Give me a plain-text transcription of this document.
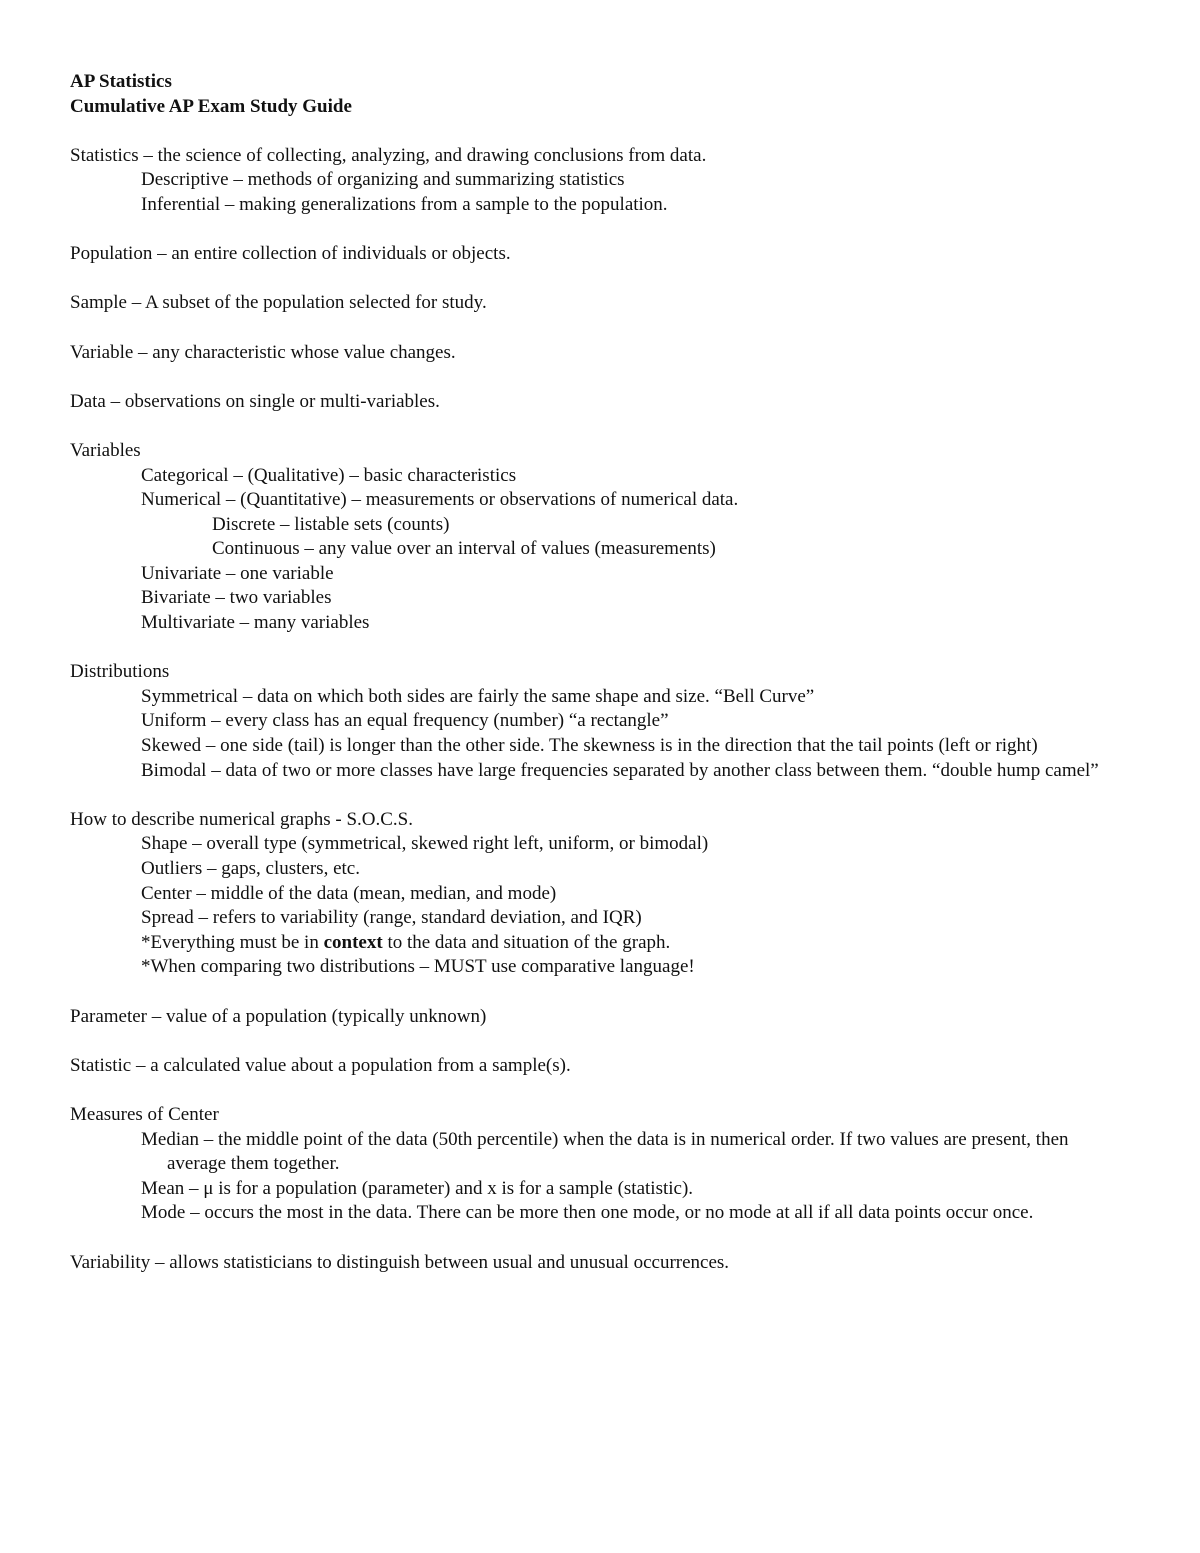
AP Statistics
Cumulative AP Exam Study Guide
Statistics – the science of collecting, analyzing, and drawing conclusions from data.
Descriptive – methods of organizing and summarizing statistics
Inferential – making generalizations from a sample to the population.
Population – an entire collection of individuals or objects.
Sample – A subset of the population selected for study.
Variable – any characteristic whose value changes.
Data – observations on single or multi-variables.
Variables
Categorical – (Qualitative) – basic characteristics
Numerical – (Quantitative) – measurements or observations of numerical data.
Discrete – listable sets (counts)
Continuous – any value over an interval of values (measurements)
Univariate – one variable
Bivariate – two variables
Multivariate – many variables
Distributions
Symmetrical – data on which both sides are fairly the same shape and size. “Bell Curve”
Uniform – every class has an equal frequency (number) “a rectangle”
Skewed – one side (tail) is longer than the other side. The skewness is in the direction that the tail points (left or right)
Bimodal – data of two or more classes have large frequencies separated by another class between them. “double hump camel”
How to describe numerical graphs - S.O.C.S.
Shape – overall type (symmetrical, skewed right left, uniform, or bimodal)
Outliers – gaps, clusters, etc.
Center – middle of the data (mean, median, and mode)
Spread – refers to variability (range, standard deviation, and IQR)
*Everything must be in context to the data and situation of the graph.
*When comparing two distributions – MUST use comparative language!
Parameter – value of a population (typically unknown)
Statistic – a calculated value about a population from a sample(s).
Measures of Center
Median – the middle point of the data (50th percentile) when the data is in numerical order. If two values are present, then average them together.
Mean – μ is for a population (parameter) and x is for a sample (statistic).
Mode – occurs the most in the data. There can be more then one mode, or no mode at all if all data points occur once.
Variability – allows statisticians to distinguish between usual and unusual occurrences.
